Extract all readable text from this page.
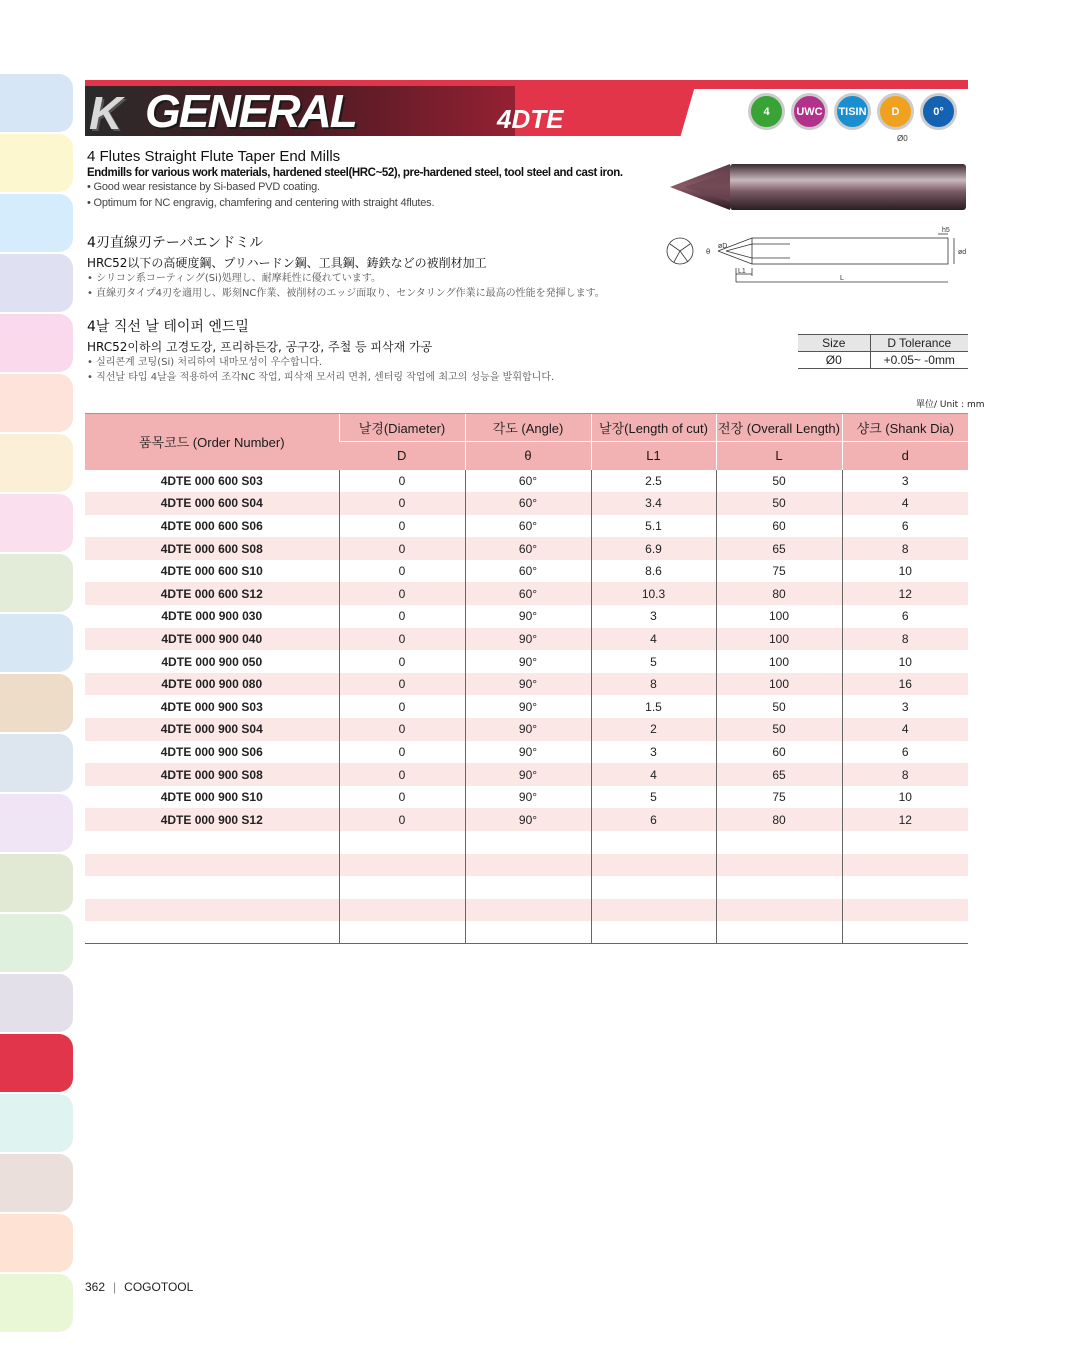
K GENERAL	4DTE	4	UWC	TISIN	D	0°
Ø0
4 Flutes Straight Flute Taper End Mills
Endmills for various work materials, hardened steel(HRC~52), pre-hardened steel, tool steel and cast iron.
• Good wear resistance by Si-based PVD coating.
• Optimum for NC engravig, chamfering and centering with straight 4flutes.
4刃直線刃テーパエンドミル
HRC52以下の高硬度鋼、プリハードン鋼、工具鋼、鋳鉄などの被削材加工
• シリコン系コーティング(Si)処理し、耐摩耗性に優れています。
• 直線刃タイプ4刃を適用し、彫刻NC作業、被削材のエッジ面取り、センタリング作業に最高の性能を発揮します。
4날 직선 날 테이퍼 엔드밀
HRC52이하의 고경도강, 프리하든강, 공구강, 주철 등 피삭재 가공
• 실리콘계 코팅(Si) 처리하여 내마모성이 우수합니다.
• 직선날 타입 4날을 적용하여 조각NC 작업, 피삭재 모서리 면취, 센터링 작업에 최고의 성능을 발휘합니다.
h5
ød
øD
θ
L1
L
Size	D Tolerance
Ø0	+0.05~ -0mm
單位/ Unit : mm
품목코드 (Order Number)	날경(Diameter)	각도 (Angle)	날장(Length of cut)	전장 (Overall Length)	샹크 (Shank Dia)
	D	θ	L1	L	d
4DTE 000 600 S03	0	60°	2.5	50	3
4DTE 000 600 S04	0	60°	3.4	50	4
4DTE 000 600 S06	0	60°	5.1	60	6
4DTE 000 600 S08	0	60°	6.9	65	8
4DTE 000 600 S10	0	60°	8.6	75	10
4DTE 000 600 S12	0	60°	10.3	80	12
4DTE 000 900 030	0	90°	3	100	6
4DTE 000 900 040	0	90°	4	100	8
4DTE 000 900 050	0	90°	5	100	10
4DTE 000 900 080	0	90°	8	100	16
4DTE 000 900 S03	0	90°	1.5	50	3
4DTE 000 900 S04	0	90°	2	50	4
4DTE 000 900 S06	0	90°	3	60	6
4DTE 000 900 S08	0	90°	4	65	8
4DTE 000 900 S10	0	90°	5	75	10
4DTE 000 900 S12	0	90°	6	80	12

362 | COGOTOOL
